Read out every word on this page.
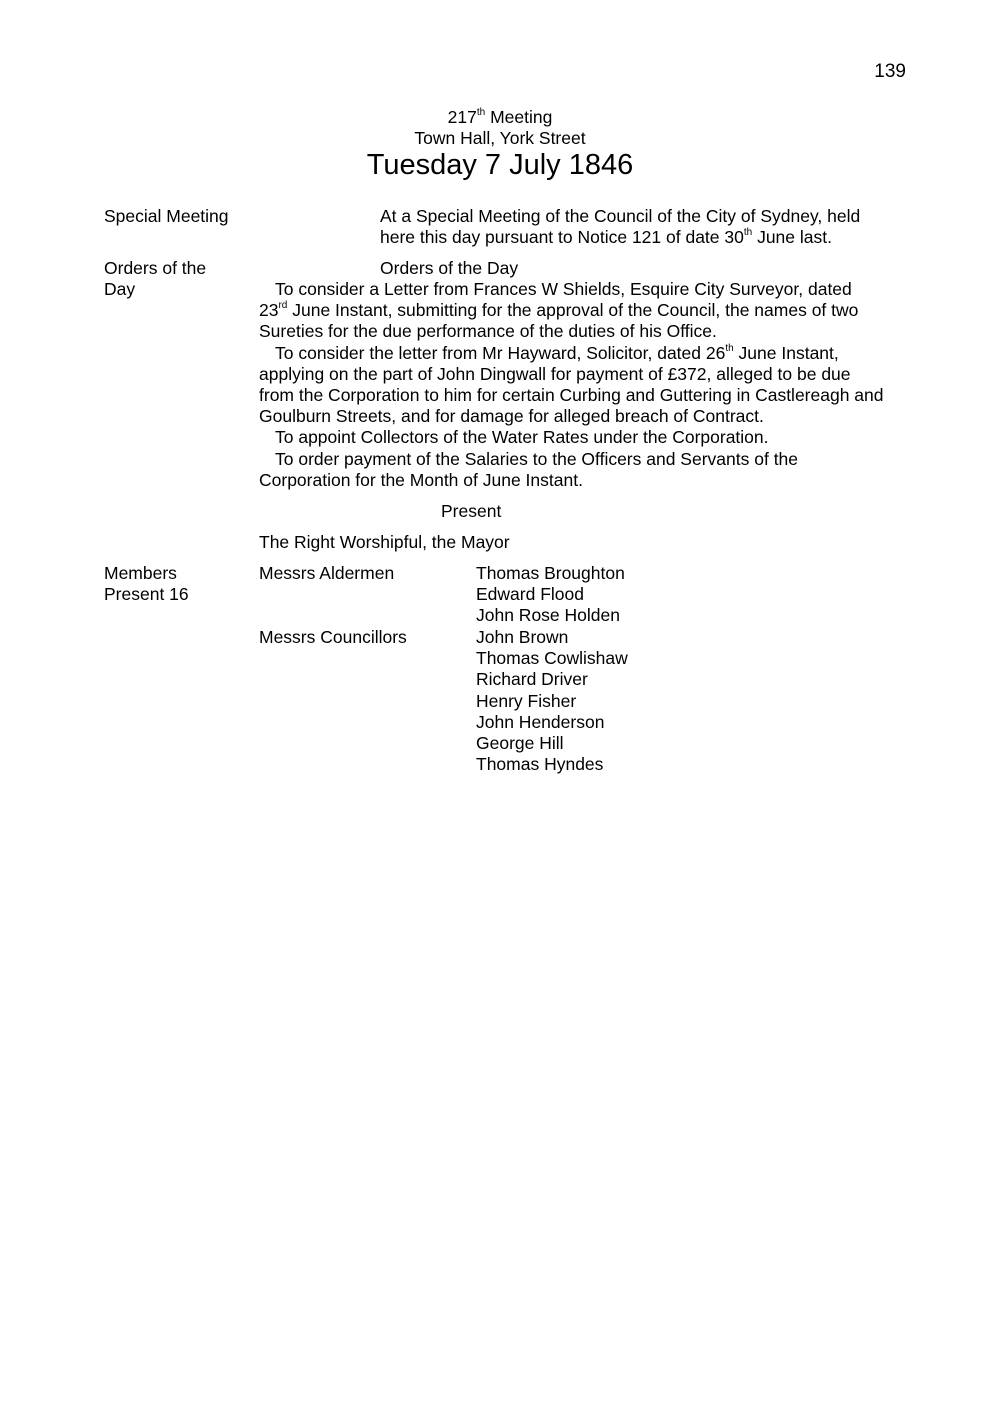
139
217th Meeting
Town Hall, York Street
Tuesday 7 July 1846
Special Meeting	At a Special Meeting of the Council of the City of Sydney, held
here this day pursuant to Notice 121 of date 30th June last.
Orders of the
Day
Orders of the Day
To consider a Letter from Frances W Shields, Esquire City Surveyor, dated
23rd June Instant, submitting for the approval of the Council, the names of two
Sureties for the due performance of the duties of his Office.
To consider the letter from Mr Hayward, Solicitor, dated 26th June Instant,
applying on the part of John Dingwall for payment of £372, alleged to be due
from the Corporation to him for certain Curbing and Guttering in Castlereagh and
Goulburn Streets, and for damage for alleged breach of Contract.
To appoint Collectors of the Water Rates under the Corporation.
To order payment of the Salaries to the Officers and Servants of the
Corporation for the Month of June Instant.
Present
The Right Worshipful, the Mayor
Members
Present 16
Messrs Aldermen	Thomas Broughton
Edward Flood
John Rose Holden
Messrs Councillors	John Brown
Thomas Cowlishaw
Richard Driver
Henry Fisher
John Henderson
George Hill
Thomas Hyndes
